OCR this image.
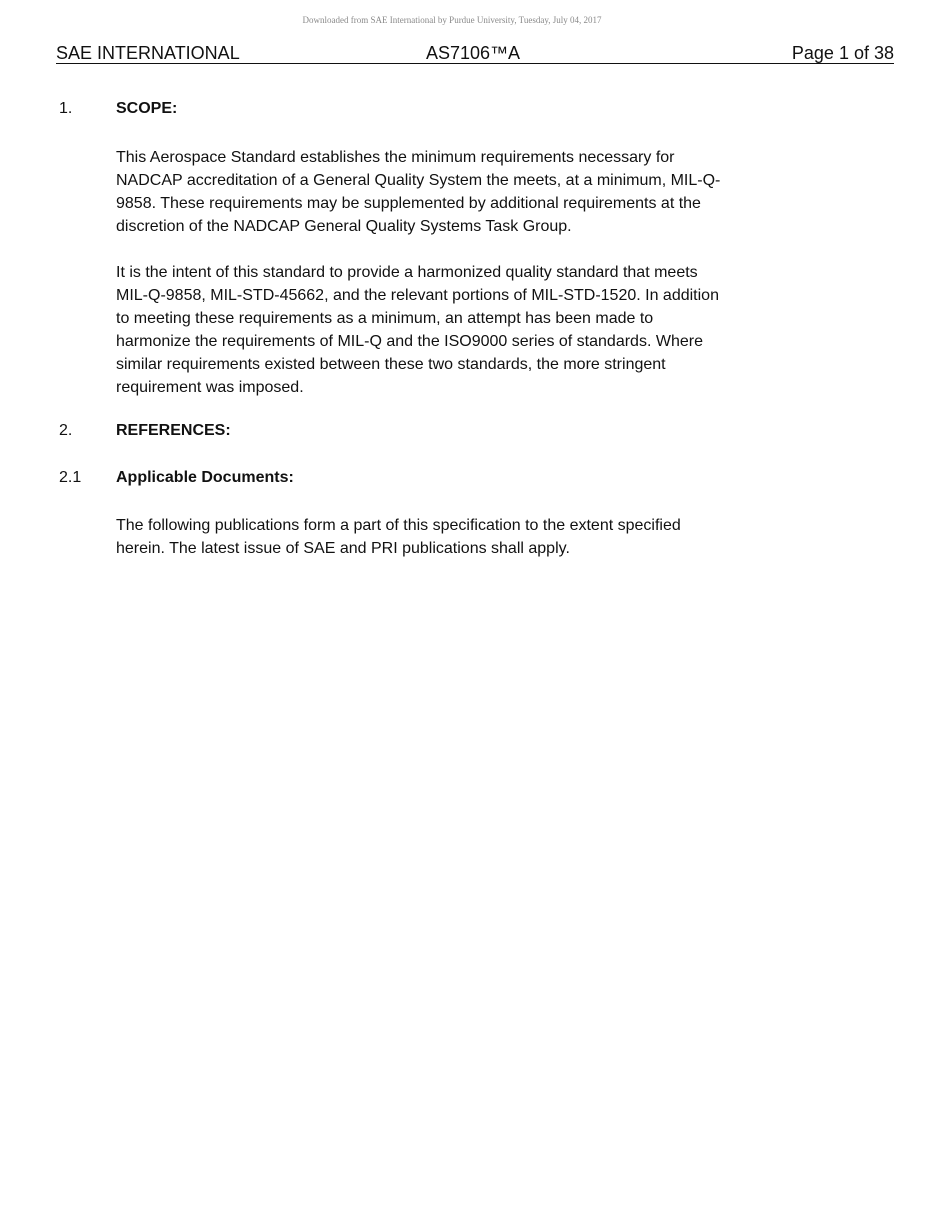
Downloaded from SAE International by Purdue University, Tuesday, July 04, 2017
SAE INTERNATIONAL	AS7106™A	Page 1 of 38
1.	SCOPE:
This Aerospace Standard establishes the minimum requirements necessary for
NADCAP accreditation of a General Quality System the meets, at a minimum, MIL-Q-
9858. These requirements may be supplemented by additional requirements at the
discretion of the NADCAP General Quality Systems Task Group.
It is the intent of this standard to provide a harmonized quality standard that meets
MIL-Q-9858, MIL-STD-45662, and the relevant portions of MIL-STD-1520. In addition
to meeting these requirements as a minimum, an attempt has been made to
harmonize the requirements of MIL-Q and the ISO9000 series of standards. Where
similar requirements existed between these two standards, the more stringent
requirement was imposed.
2.	REFERENCES:
2.1 Applicable Documents:
The following publications form a part of this specification to the extent specified
herein. The latest issue of SAE and PRI publications shall apply.
